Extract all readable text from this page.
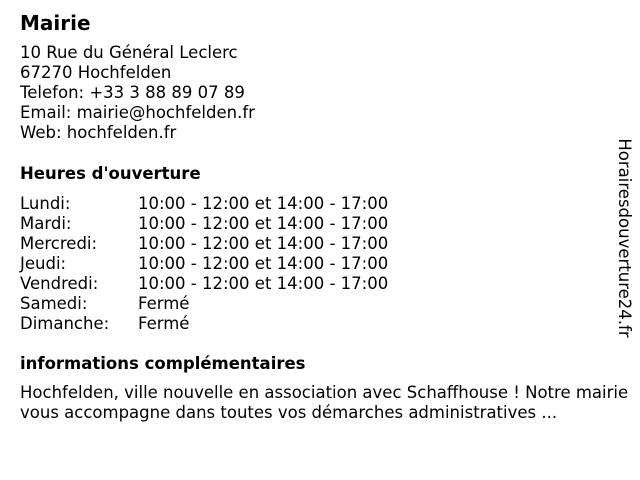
Mairie
10 Rue du Général Leclerc
67270 Hochfelden
Telefon: +33 3 88 89 07 89
Email: mairie@hochfelden.fr
Web: hochfelden.fr
Heures d'ouverture
Lundi:	10:00 - 12:00 et 14:00 - 17:00
Mardi:	10:00 - 12:00 et 14:00 - 17:00
Mercredi:	10:00 - 12:00 et 14:00 - 17:00
Jeudi:	10:00 - 12:00 et 14:00 - 17:00
Vendredi:	10:00 - 12:00 et 14:00 - 17:00
Samedi:	Fermé
Dimanche:	Fermé
informations complémentaires

Hochfelden, ville nouvelle en association avec Schaffhouse ! Notre mairie vous accompagne dans toutes vos démarches administratives ...

Horairesdouverture24.fr
